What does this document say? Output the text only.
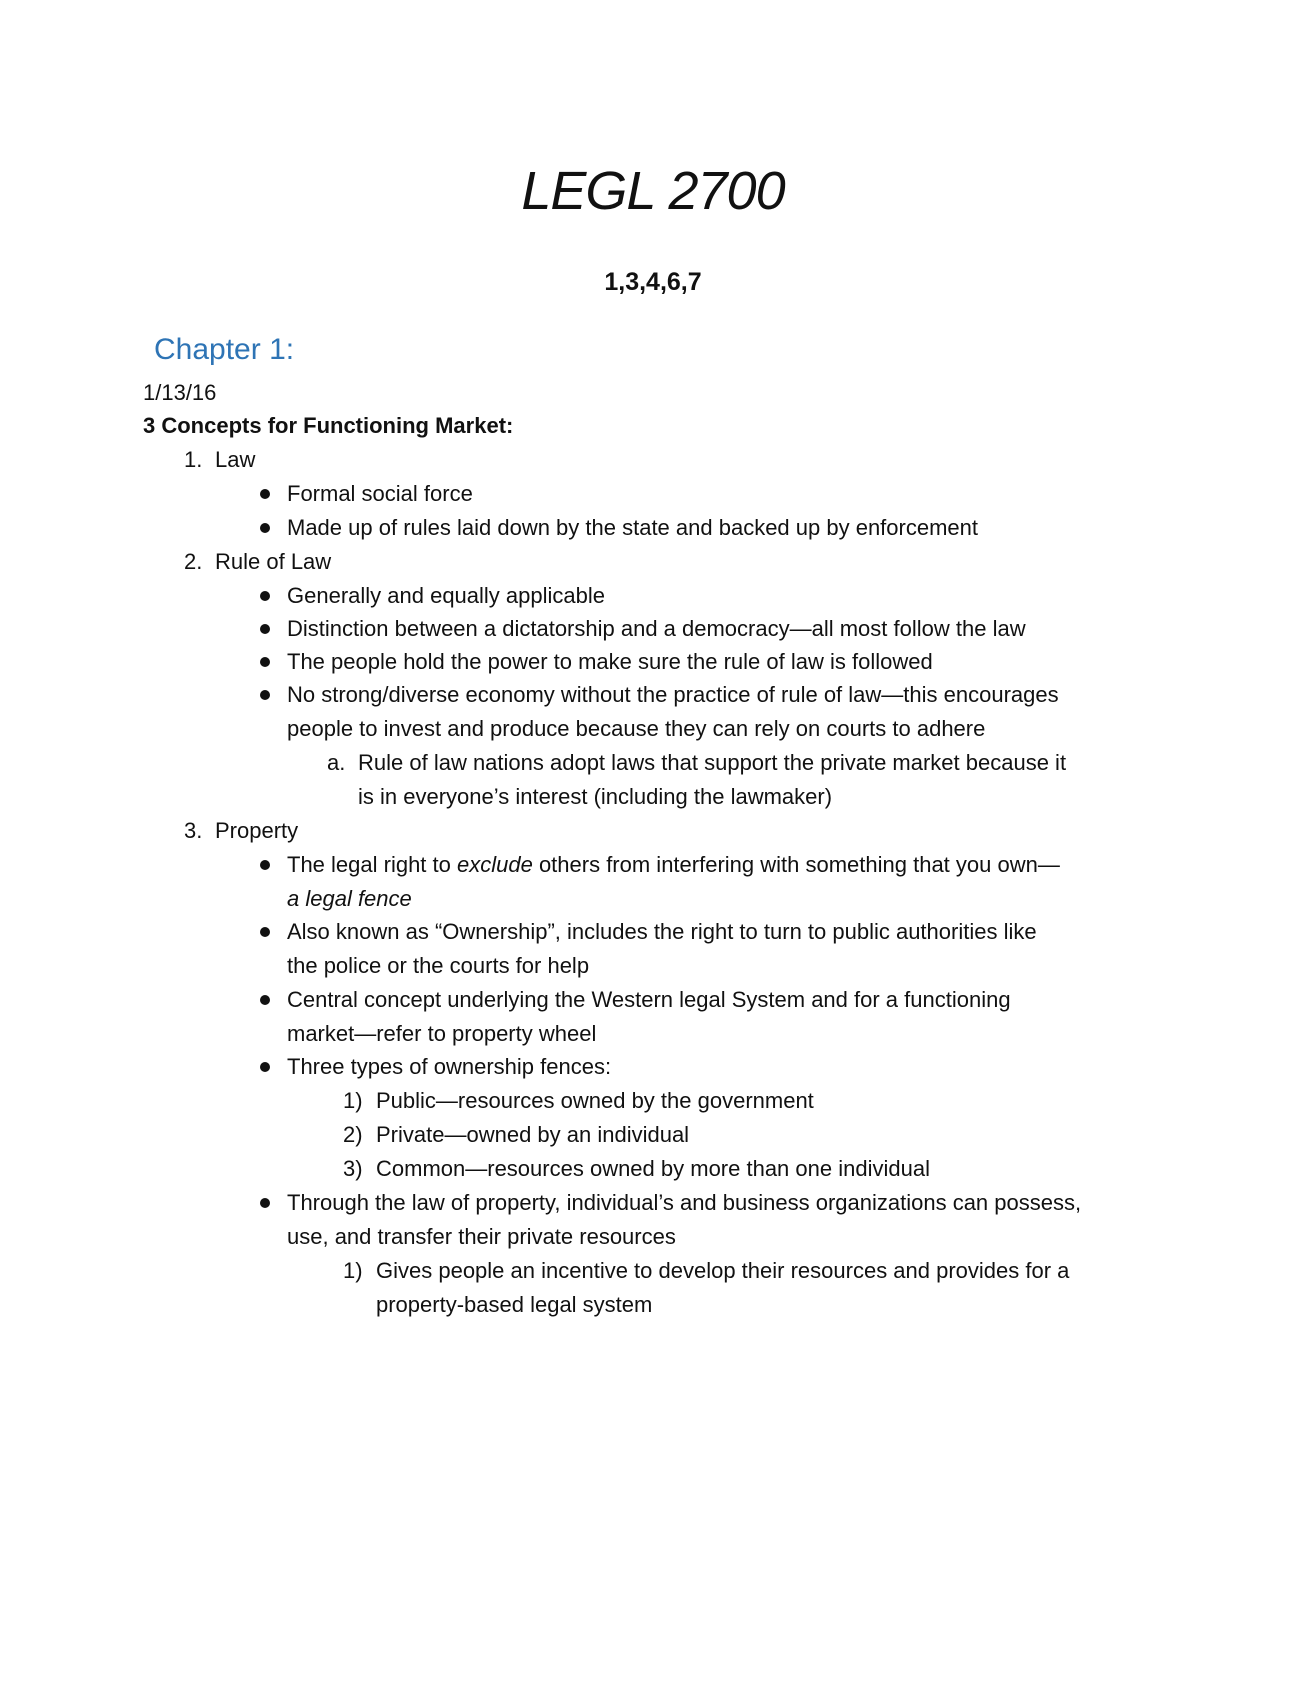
LEGL 2700
1,3,4,6,7
Chapter 1:
1/13/16
3 Concepts for Functioning Market:
1. Law
Formal social force
Made up of rules laid down by the state and backed up by enforcement
2. Rule of Law
Generally and equally applicable
Distinction between a dictatorship and a democracy—all most follow the law
The people hold the power to make sure the rule of law is followed
No strong/diverse economy without the practice of rule of law—this encourages
people to invest and produce because they can rely on courts to adhere
a. Rule of law nations adopt laws that support the private market because it
is in everyone’s interest (including the lawmaker)
3. Property
The legal right to exclude others from interfering with something that you own—
a legal fence
Also known as “Ownership”, includes the right to turn to public authorities like
the police or the courts for help
Central concept underlying the Western legal System and for a functioning
market—refer to property wheel
Three types of ownership fences:
1) Public—resources owned by the government
2) Private—owned by an individual
3) Common—resources owned by more than one individual
Through the law of property, individual’s and business organizations can possess,
use, and transfer their private resources
1) Gives people an incentive to develop their resources and provides for a
property-based legal system
